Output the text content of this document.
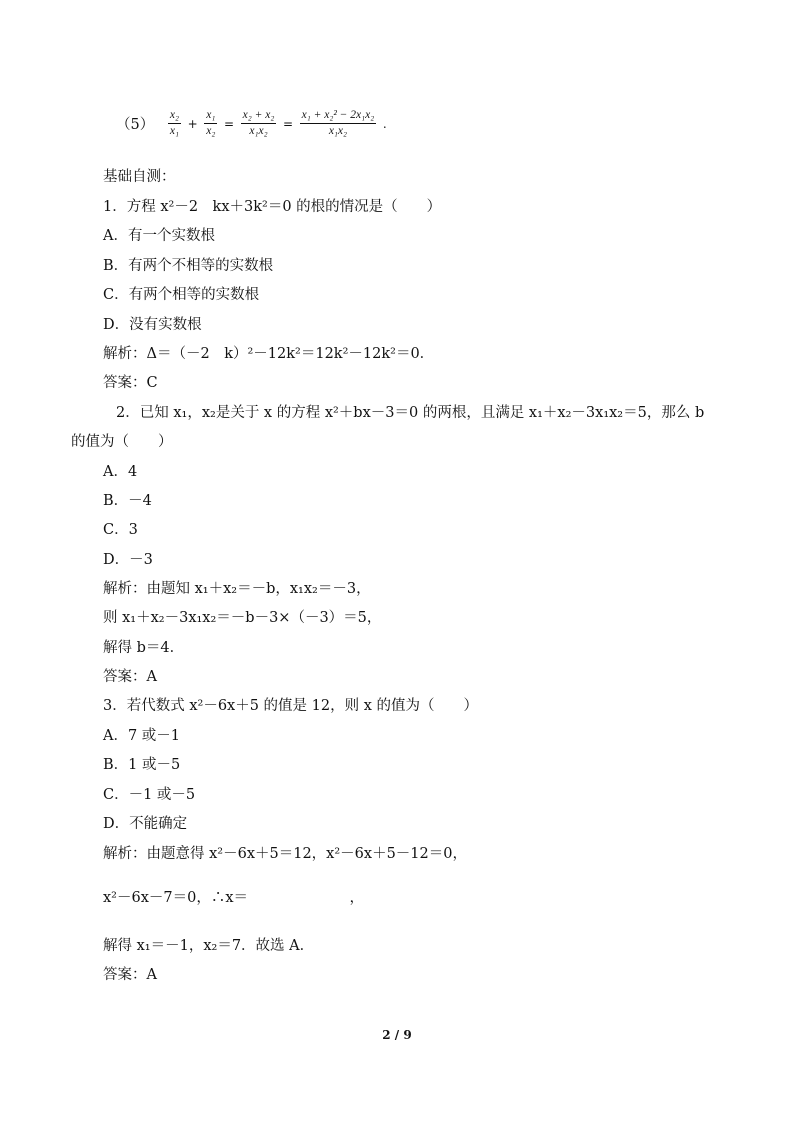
$(5) \frac{\text{x₂}}{\text{x₁}} + \frac{\text{x₁}}{\text{x₂}} = \frac{\text{x₂ + x₂}}{\text{x₁x₂}} = \frac{\text{x₁ + x₂² − 2x₁x₂}}{\text{x₁x₂}}$ .
基础自测：
1．方程 x²－2　kx＋3k²＝0 的根的情况是（　　）
A．有一个实数根
B．有两个不相等的实数根
C．有两个相等的实数根
D．没有实数根
解析：Δ＝（－2　k）²－12k²＝12k²－12k²＝0．
答案：C
2．已知 x₁，x₂是关于 x 的方程 x²＋bx－3＝0 的两根，且满足 x₁＋x₂－3x₁x₂＝5，那么 b
的值为（　　）
A．4
B．－4
C．3
D．－3
解析：由题知 x₁＋x₂＝－b，x₁x₂＝－3，
则 x₁＋x₂－3x₁x₂＝－b－3×（－3）＝5，
解得 b＝4．
答案：A
3．若代数式 x²－6x＋5 的值是 12，则 x 的值为（　　）
A．7 或－1
B．1 或－5
C．－1 或－5
D．不能确定
解析：由题意得 x²－6x＋5＝12，x²－6x＋5－12＝0，
x²－6x－7＝0，∴x＝　　　　　　　，
解得 x₁＝－1，x₂＝7．故选 A．
答案：A
2 / 9
